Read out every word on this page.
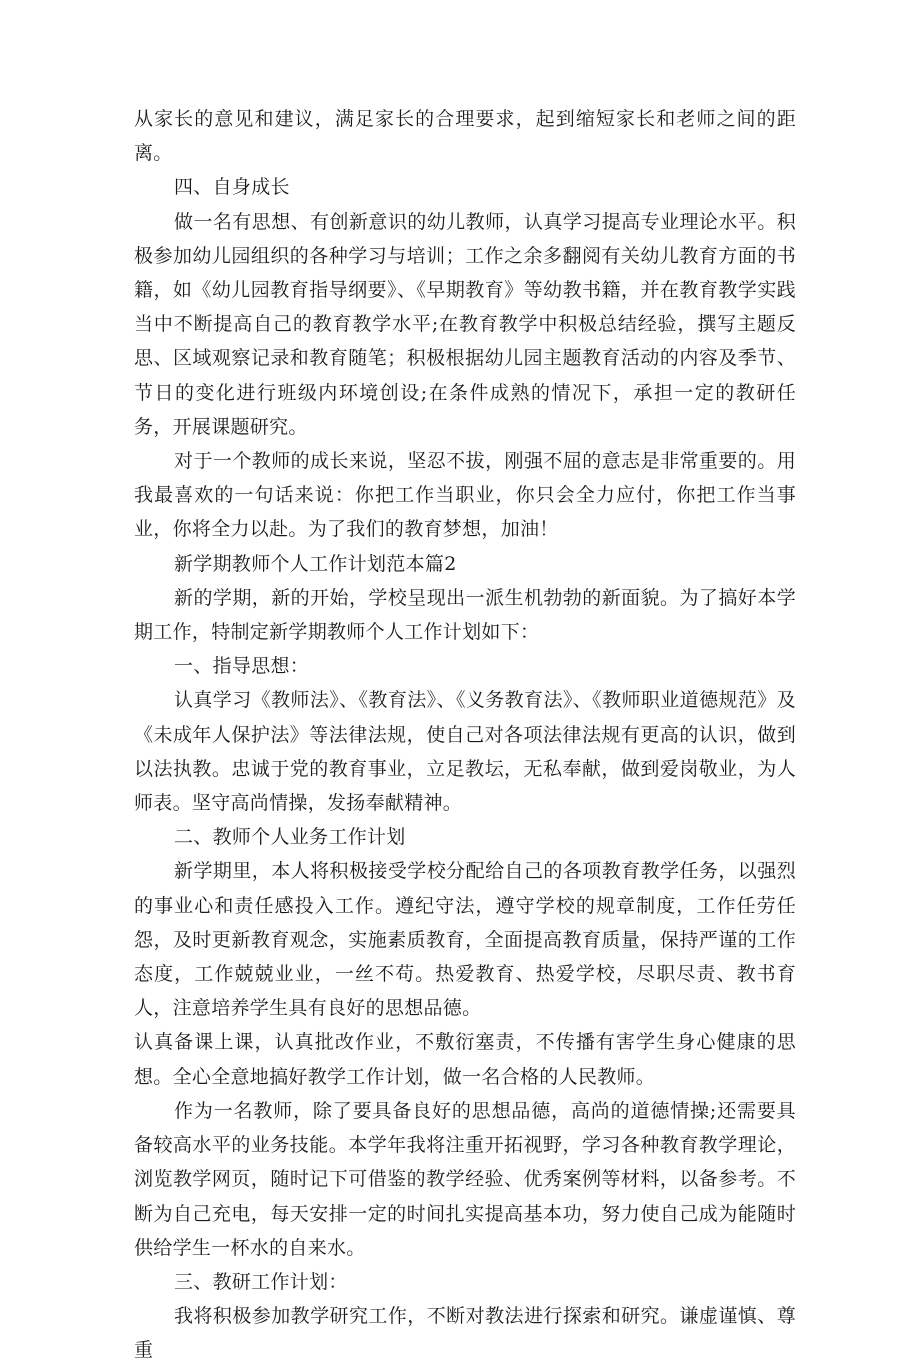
从家长的意见和建议，满足家长的合理要求，起到缩短家长和老师之间的距离。

四、自身成长

做一名有思想、有创新意识的幼儿教师，认真学习提高专业理论水平。积极参加幼儿园组织的各种学习与培训；工作之余多翻阅有关幼儿教育方面的书籍，如《幼儿园教育指导纲要》、《早期教育》等幼教书籍，并在教育教学实践当中不断提高自己的教育教学水平;在教育教学中积极总结经验，撰写主题反思、区域观察记录和教育随笔；积极根据幼儿园主题教育活动的内容及季节、节日的变化进行班级内环境创设;在条件成熟的情况下，承担一定的教研任务，开展课题研究。

对于一个教师的成长来说，坚忍不拔，刚强不屈的意志是非常重要的。用我最喜欢的一句话来说：你把工作当职业，你只会全力应付，你把工作当事业，你将全力以赴。为了我们的教育梦想，加油！

新学期教师个人工作计划范本篇2

新的学期，新的开始，学校呈现出一派生机勃勃的新面貌。为了搞好本学期工作，特制定新学期教师个人工作计划如下：

一、指导思想：

认真学习《教师法》、《教育法》、《义务教育法》、《教师职业道德规范》及《未成年人保护法》等法律法规，使自己对各项法律法规有更高的认识，做到以法执教。忠诚于党的教育事业，立足教坛，无私奉献，做到爱岗敬业，为人师表。坚守高尚情操，发扬奉献精神。

二、教师个人业务工作计划

新学期里，本人将积极接受学校分配给自己的各项教育教学任务，以强烈的事业心和责任感投入工作。遵纪守法，遵守学校的规章制度，工作任劳任怨，及时更新教育观念，实施素质教育，全面提高教育质量，保持严谨的工作态度，工作兢兢业业，一丝不苟。热爱教育、热爱学校，尽职尽责、教书育人，注意培养学生具有良好的思想品德。

认真备课上课，认真批改作业，不敷衍塞责，不传播有害学生身心健康的思想。全心全意地搞好教学工作计划，做一名合格的人民教师。

作为一名教师，除了要具备良好的思想品德，高尚的道德情操;还需要具备较高水平的业务技能。本学年我将注重开拓视野，学习各种教育教学理论，浏览教学网页，随时记下可借鉴的教学经验、优秀案例等材料，以备参考。不断为自己充电，每天安排一定的时间扎实提高基本功，努力使自己成为能随时供给学生一杯水的自来水。

三、教研工作计划：

我将积极参加教学研究工作，不断对教法进行探索和研究。谦虚谨慎、尊重
